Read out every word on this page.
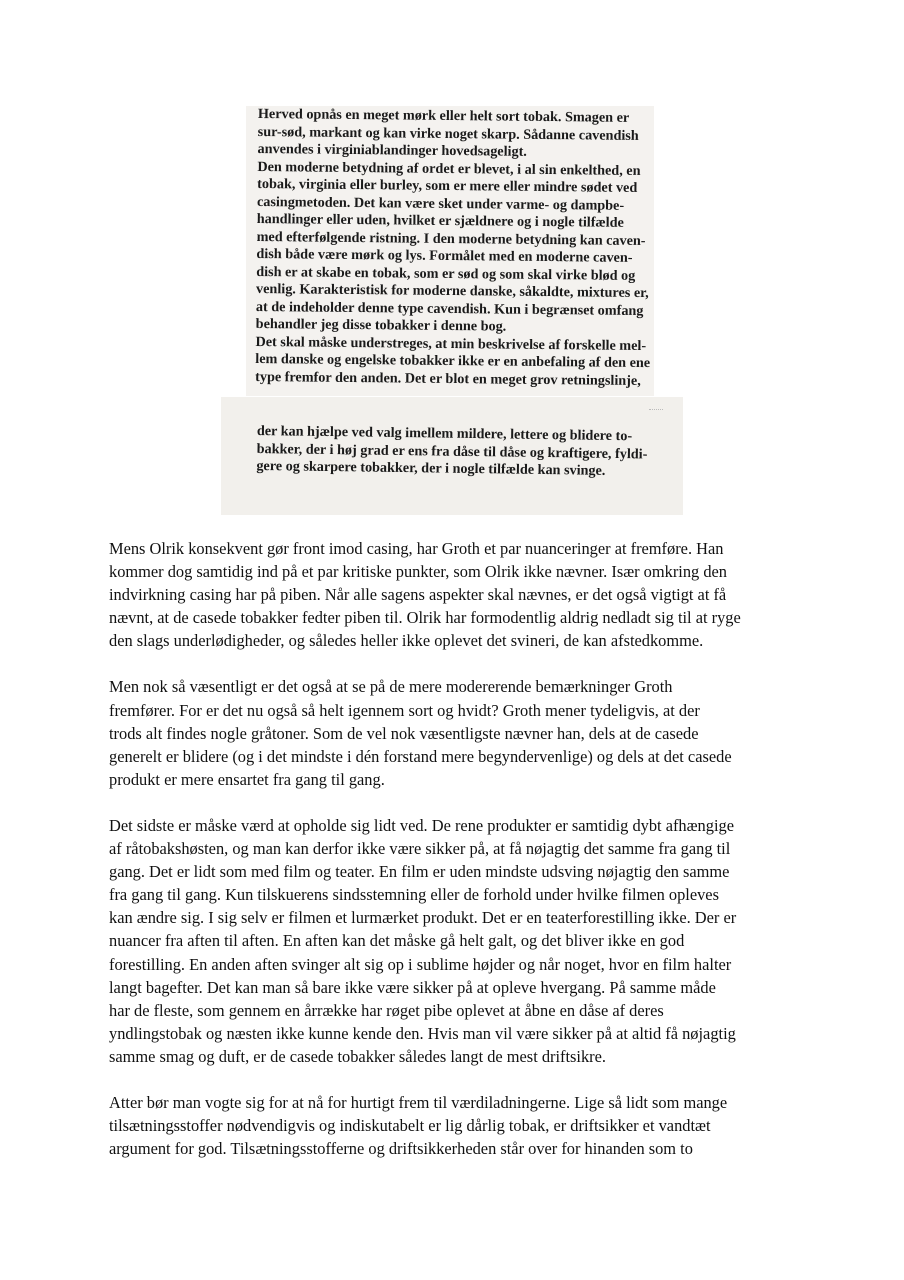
Herved opnås en meget mørk eller helt sort tobak. Smagen er
sur-sød, markant og kan virke noget skarp. Sådanne cavendish
anvendes i virginiablandinger hovedsageligt.
Den moderne betydning af ordet er blevet, i al sin enkelthed, en
tobak, virginia eller burley, som er mere eller mindre sødet ved
casingmetoden. Det kan være sket under varme- og dampbe-
handlinger eller uden, hvilket er sjældnere og i nogle tilfælde
med efterfølgende ristning. I den moderne betydning kan caven-
dish både være mørk og lys. Formålet med en moderne caven-
dish er at skabe en tobak, som er sød og som skal virke blød og
venlig. Karakteristisk for moderne danske, såkaldte, mixtures er,
at de indeholder denne type cavendish. Kun i begrænset omfang
behandler jeg disse tobakker i denne bog.
Det skal måske understreges, at min beskrivelse af forskelle mel-
lem danske og engelske tobakker ikke er en anbefaling af den ene
type fremfor den anden. Det er blot en meget grov retningslinje,
der kan hjælpe ved valg imellem mildere, lettere og blidere to-
bakker, der i høj grad er ens fra dåse til dåse og kraftigere, fyldi-
gere og skarpere tobakker, der i nogle tilfælde kan svinge.

Mens Olrik konsekvent gør front imod casing, har Groth et par nuanceringer at fremføre. Han
kommer dog samtidig ind på et par kritiske punkter, som Olrik ikke nævner. Især omkring den
indvirkning casing har på piben. Når alle sagens aspekter skal nævnes, er det også vigtigt at få
nævnt, at de casede tobakker fedter piben til. Olrik har formodentlig aldrig nedladt sig til at ryge
den slags underlødigheder, og således heller ikke oplevet det svineri, de kan afstedkomme.

Men nok så væsentligt er det også at se på de mere modererende bemærkninger Groth
fremfører. For er det nu også så helt igennem sort og hvidt? Groth mener tydeligvis, at der
trods alt findes nogle gråtoner. Som de vel nok væsentligste nævner han, dels at de casede
generelt er blidere (og i det mindste i dén forstand mere begyndervenlige) og dels at det casede
produkt er mere ensartet fra gang til gang.

Det sidste er måske værd at opholde sig lidt ved. De rene produkter er samtidig dybt afhængige
af råtobakshøsten, og man kan derfor ikke være sikker på, at få nøjagtig det samme fra gang til
gang. Det er lidt som med film og teater. En film er uden mindste udsving nøjagtig den samme
fra gang til gang. Kun tilskuerens sindsstemning eller de forhold under hvilke filmen opleves
kan ændre sig. I sig selv er filmen et lurmærket produkt. Det er en teaterforestilling ikke. Der er
nuancer fra aften til aften. En aften kan det måske gå helt galt, og det bliver ikke en god
forestilling. En anden aften svinger alt sig op i sublime højder og når noget, hvor en film halter
langt bagefter. Det kan man så bare ikke være sikker på at opleve hvergang. På samme måde
har de fleste, som gennem en årrække har røget pibe oplevet at åbne en dåse af deres
yndlingstobak og næsten ikke kunne kende den. Hvis man vil være sikker på at altid få nøjagtig
samme smag og duft, er de casede tobakker således langt de mest driftsikre.

Atter bør man vogte sig for at nå for hurtigt frem til værdiladningerne. Lige så lidt som mange
tilsætningsstoffer nødvendigvis og indiskutabelt er lig dårlig tobak, er driftsikker et vandtæt
argument for god. Tilsætningsstofferne og driftsikkerheden står over for hinanden som to
